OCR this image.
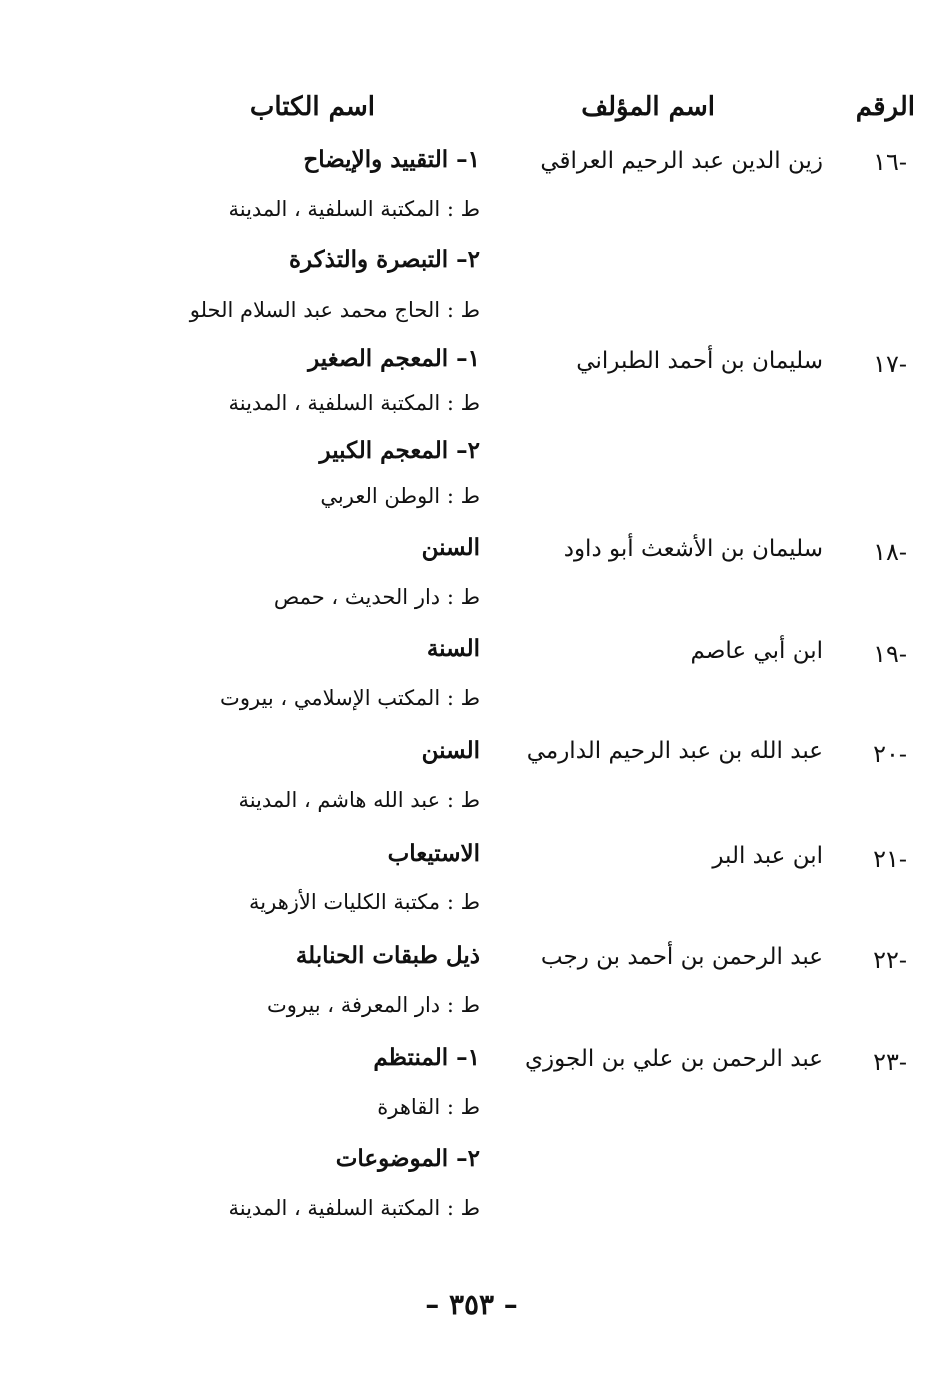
الرقم
اسم المؤلف
اسم الكتاب
-١٦
زين الدين عبد الرحيم العراقي
١– التقييد والإيضاح
ط : المكتبة السلفية ، المدينة
٢– التبصرة والتذكرة
ط : الحاج محمد عبد السلام الحلو
-١٧
سليمان بن أحمد الطبراني
١– المعجم الصغير
ط : المكتبة السلفية ، المدينة
٢– المعجم الكبير
ط : الوطن العربي
-١٨
سليمان بن الأشعث أبو داود
السنن
ط : دار الحديث ، حمص
-١٩
ابن أبي عاصم
السنة
ط : المكتب الإسلامي ، بيروت
-٢٠
عبد الله بن عبد الرحيم الدارمي
السنن
ط : عبد الله هاشم ، المدينة
-٢١
ابن عبد البر
الاستيعاب
ط : مكتبة الكليات الأزهرية
-٢٢
عبد الرحمن بن أحمد بن رجب
ذيل طبقات الحنابلة
ط : دار المعرفة ، بيروت
-٢٣
عبد الرحمن بن علي بن الجوزي
١– المنتظم
ط : القاهرة
٢– الموضوعات
ط : المكتبة السلفية ، المدينة
– ٣٥٣ –
